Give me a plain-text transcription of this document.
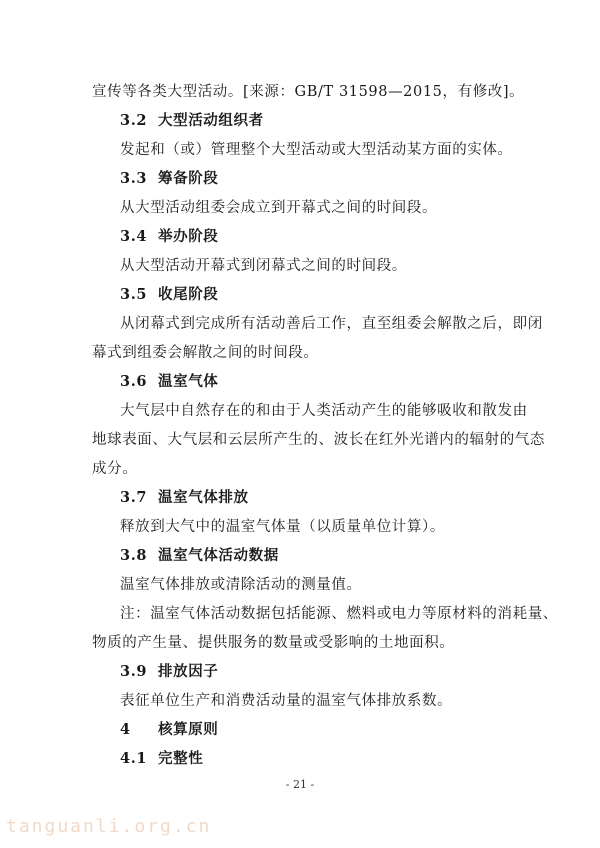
宣传等各类大型活动。[来源：GB/T 31598—2015，有修改]。
3.2 大型活动组织者
发起和（或）管理整个大型活动或大型活动某方面的实体。
3.3 筹备阶段
从大型活动组委会成立到开幕式之间的时间段。
3.4 举办阶段
从大型活动开幕式到闭幕式之间的时间段。
3.5 收尾阶段
从闭幕式到完成所有活动善后工作，直至组委会解散之后，即闭
幕式到组委会解散之间的时间段。
3.6 温室气体
大气层中自然存在的和由于人类活动产生的能够吸收和散发由
地球表面、大气层和云层所产生的、波长在红外光谱内的辐射的气态
成分。
3.7 温室气体排放
释放到大气中的温室气体量（以质量单位计算）。
3.8 温室气体活动数据
温室气体排放或清除活动的测量值。
注：温室气体活动数据包括能源、燃料或电力等原材料的消耗量、
物质的产生量、提供服务的数量或受影响的土地面积。
3.9 排放因子
表征单位生产和消费活动量的温室气体排放系数。
4 核算原则
4.1 完整性
- 21 -
tanguanli.org.cn
